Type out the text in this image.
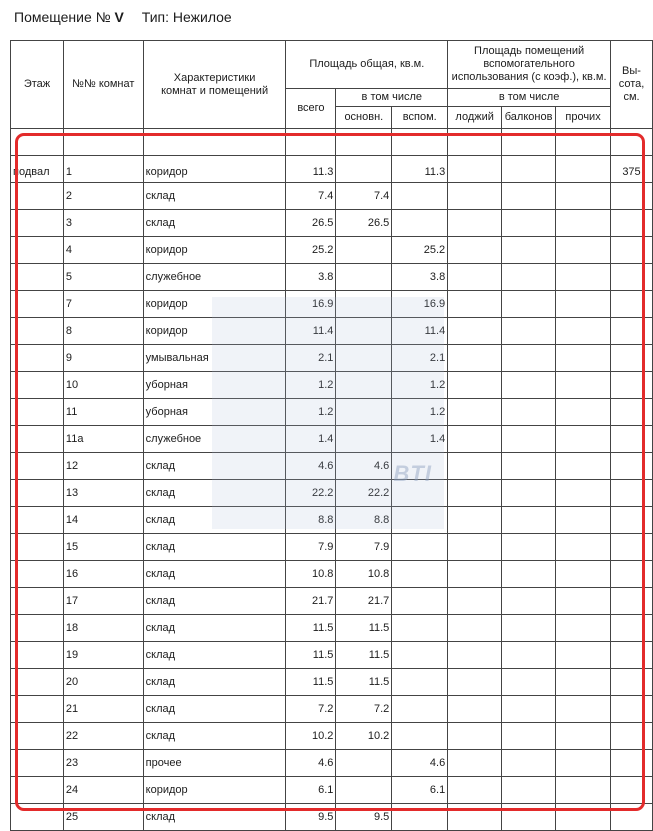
Помещение № V Тип: Нежилое
Этаж	№№ комнат	Характеристики комнат и помещений	Площадь общая, кв.м.			Площадь помещений вспомогательного использования (с коэф.), кв.м.			Вы-сота, см.
			всего	в том числе		в том числе			
				основн.	вспом.	лоджий	балконов	прочих	

подвал	1	коридор	11.3		11.3				375
	2	склад	7.4	7.4					
	3	склад	26.5	26.5					
	4	коридор	25.2		25.2				
	5	служебное	3.8		3.8				
	7	коридор	16.9		16.9				
	8	коридор	11.4		11.4				
	9	умывальная	2.1		2.1				
	10	уборная	1.2		1.2				
	11	уборная	1.2		1.2				
	11а	служебное	1.4		1.4				
	12	склад	4.6	4.6					
	13	склад	22.2	22.2					
	14	склад	8.8	8.8					
	15	склад	7.9	7.9					
	16	склад	10.8	10.8					
	17	склад	21.7	21.7					
	18	склад	11.5	11.5					
	19	склад	11.5	11.5					
	20	склад	11.5	11.5					
	21	склад	7.2	7.2					
	22	склад	10.2	10.2					
	23	прочее	4.6		4.6				
	24	коридор	6.1		6.1				
	25	склад	9.5	9.5					
BTI
